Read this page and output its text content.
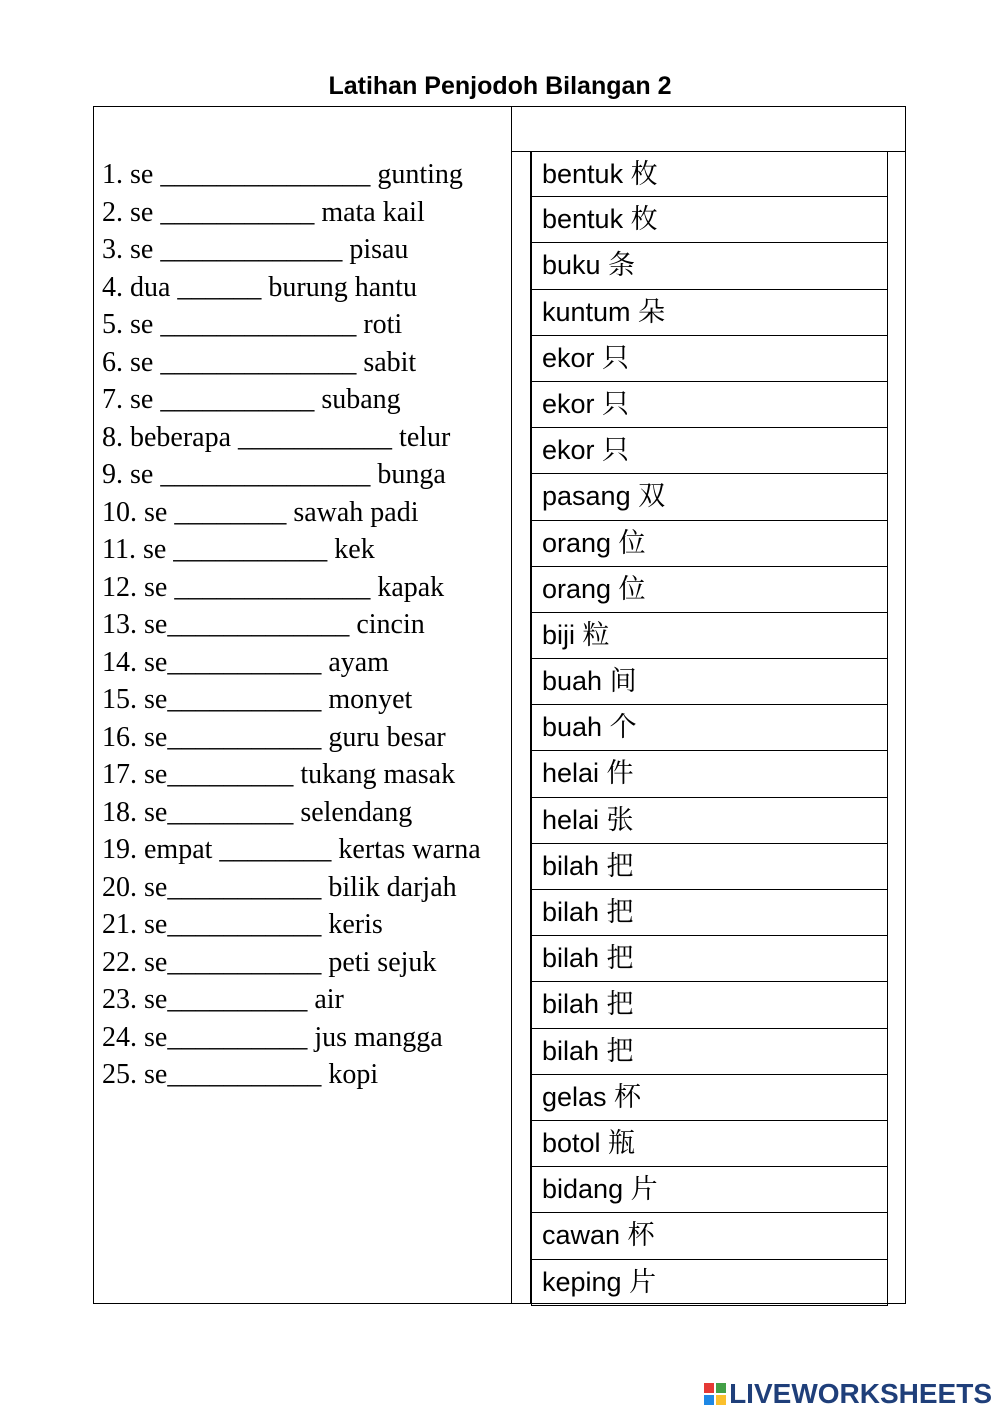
Latihan Penjodoh Bilangan 2
1. se _______________ gunting
2. se ___________ mata kail
3. se _____________ pisau
4. dua ______ burung hantu
5. se ______________ roti
6. se ______________ sabit
7. se ___________ subang
8. beberapa ___________ telur
9. se _______________ bunga
10. se ________ sawah padi
11. se ___________ kek
12. se ______________ kapak
13. se_____________ cincin
14. se___________ ayam
15. se___________ monyet
16. se___________ guru besar
17. se_________ tukang masak
18. se_________ selendang
19. empat ________ kertas warna
20. se___________ bilik darjah
21. se___________ keris
22. se___________ peti sejuk
23. se__________ air
24. se__________ jus mangga
25. se___________ kopi
bentuk 枚
bentuk 枚
buku 条
kuntum 朵
ekor 只
ekor 只
ekor 只
pasang 双
orang 位
orang 位
biji 粒
buah 间
buah 个
helai 件
helai 张
bilah 把
bilah 把
bilah 把
bilah 把
bilah 把
gelas 杯
botol 瓶
bidang 片
cawan 杯
keping 片
LIVEWORKSHEETS
